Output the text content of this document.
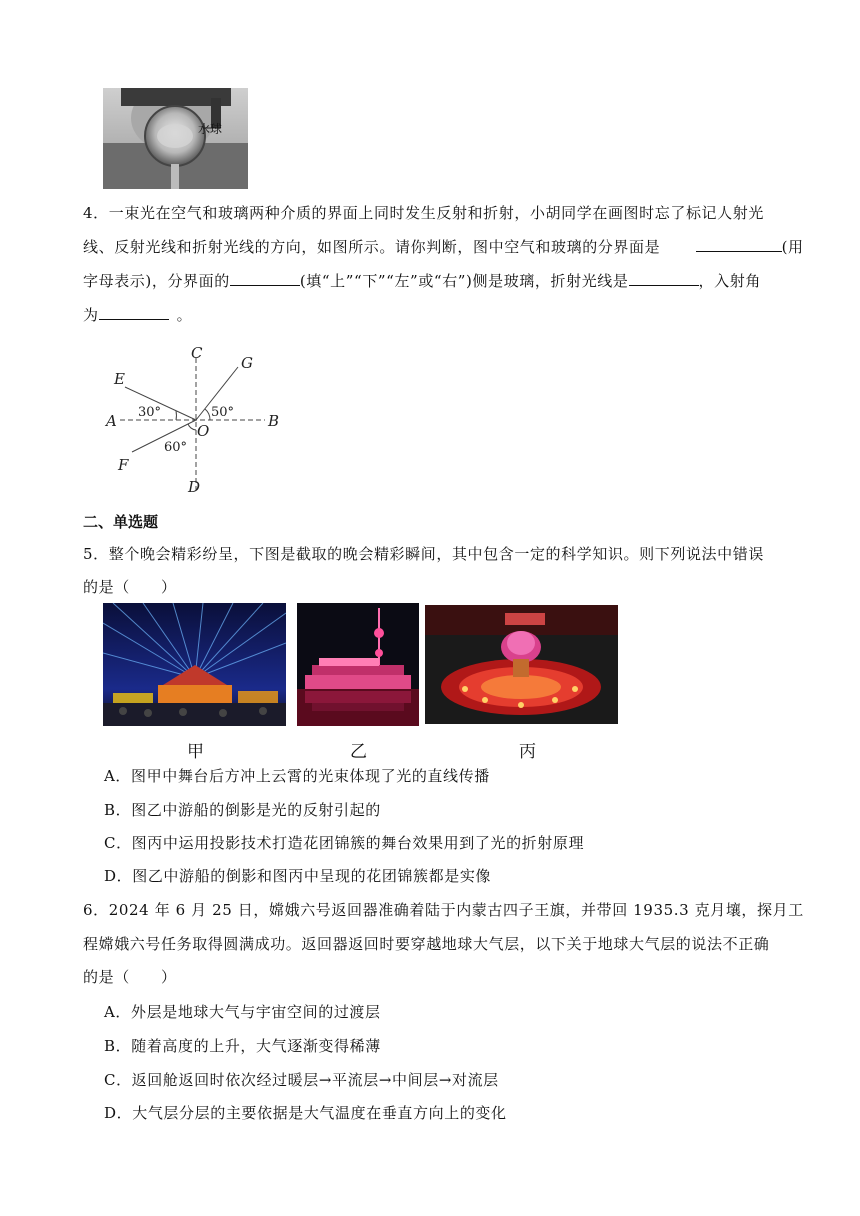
水球
4．一束光在空气和玻璃两种介质的界面上同时发生反射和折射，小胡同学在画图时忘了标记人射光
线、反射光线和折射光线的方向，如图所示。请你判断，图中空气和玻璃的分界面是	(用
字母表示)，分界面的	(填“上”“下”“左”或“右”)侧是玻璃，折射光线是	，入射角
为	。
C
G
E
A	B
O
F
D
30°	50°
60°
二、单选题
5．整个晚会精彩纷呈，下图是截取的晚会精彩瞬间，其中包含一定的科学知识。则下列说法中错误
的是（　　）
甲	乙	丙
A．图甲中舞台后方冲上云霄的光束体现了光的直线传播
B．图乙中游船的倒影是光的反射引起的
C．图丙中运用投影技术打造花团锦簇的舞台效果用到了光的折射原理
D．图乙中游船的倒影和图丙中呈现的花团锦簇都是实像
6．2024 年 6 月 25 日，嫦娥六号返回器准确着陆于内蒙古四子王旗，并带回 1935.3 克月壤，探月工
程嫦娥六号任务取得圆满成功。返回器返回时要穿越地球大气层，以下关于地球大气层的说法不正确
的是（　　）
A．外层是地球大气与宇宙空间的过渡层
B．随着高度的上升，大气逐渐变得稀薄
C．返回舱返回时依次经过暖层→平流层→中间层→对流层
D．大气层分层的主要依据是大气温度在垂直方向上的变化
